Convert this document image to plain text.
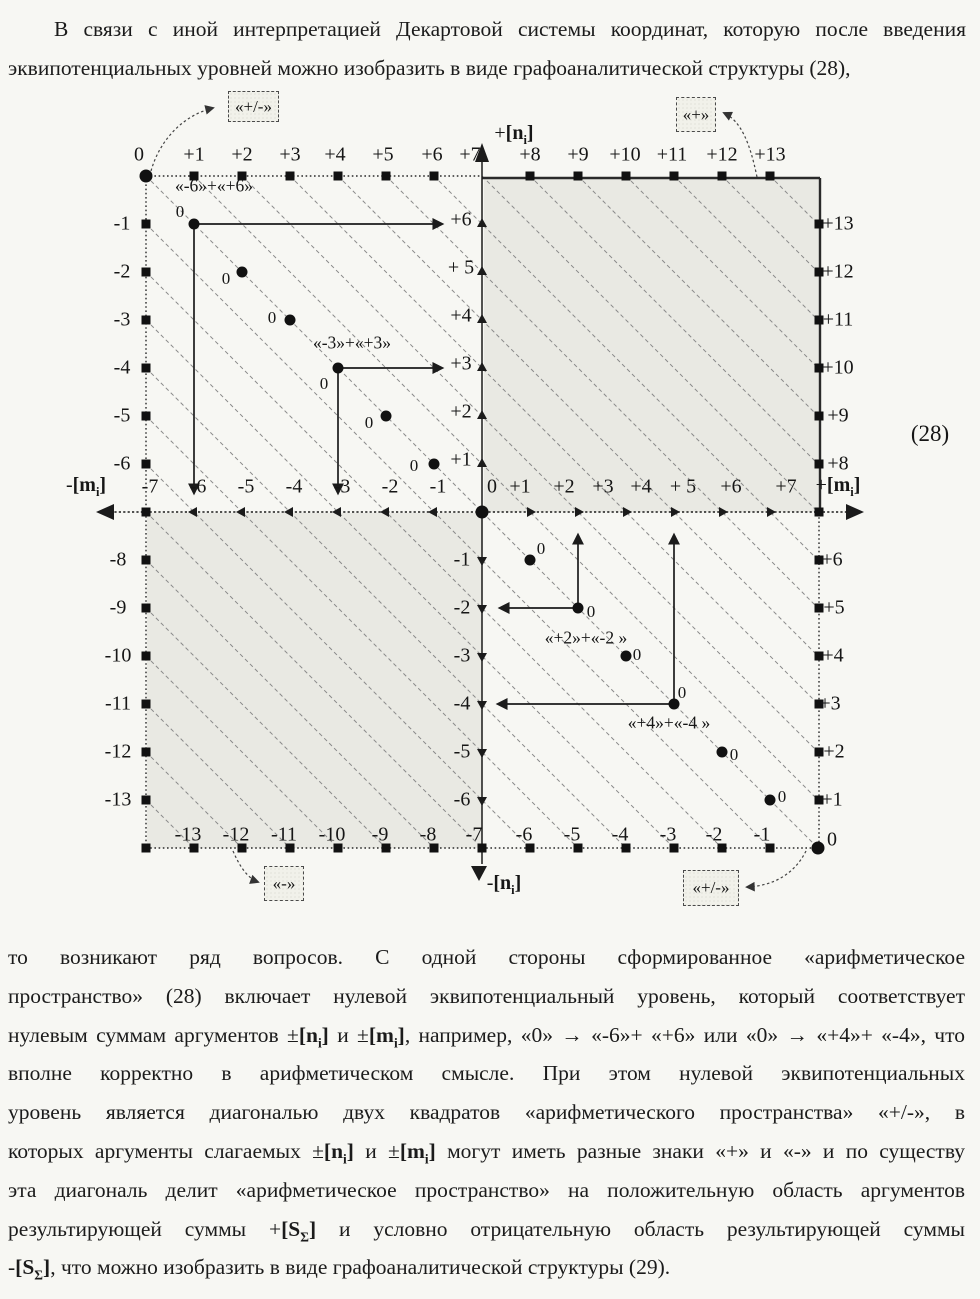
В связи с иной интерпретацией Декартовой системы координат, которую после введения
эквипотенциальных уровней можно изобразить в виде графоаналитической структуры (28),
«+/-»	«+»
«-»	«+/-»
0 +1 +2 +3 +4 +5 +6 +7 +8 +9 +10 +11 +12 +13
+13
+12
+11
+10
+9
+8
+6
+5
+4
+3
+2
+1
0
-1
-2
-3
-4
-5
-6
-8
-9
-10
-11
-12
-13
-7 -6 -5 -4 -3 -2 -1 0 +1 +2 +3 +4 + 5 +6 +7
-13 -12 -11 -10 -9 -8 -7 -6 -5 -4 -3 -2 -1
+6
+ 5
+4
+3
+2
+1
-1
-2
-3
-4
-5
-6
$+[n_i]$
$-[n_i]$
$-[m_i]$	$+[m_i]$
(28)
«-6»+«+6»
«-3»+«+3»
«+2»+«-2 »
«+4»+«-4 »
0
0
0
0
0
0
0
0
0
0
0
0
то возникают ряд вопросов. С одной стороны сформированное «арифметическое
пространство» (28) включает нулевой эквипотенциальный уровень, который соответствует
нулевым суммам аргументов $\pm[n_i]$ $и \pm[m_i]$, например, «0» → «-6»+ «+6» или «0» → «+4»+ «-4», что
вполне корректно в арифметическом смысле. При этом нулевой эквипотенциальных
уровень является диагональю двух квадратов «арифметического пространства» «+/-», в
которых аргументы слагаемых $\pm[n_i]$ $и \pm[m_i]$ могут иметь разные знаки «+» и «-» и по существу
эта диагональ делит «арифметическое пространство» на положительную область аргументов
результирующей суммы $+[S_\Sigma]$ и условно отрицательную область результирующей суммы
$-[S_\Sigma]$, что можно изобразить в виде графоаналитической структуры (29).
